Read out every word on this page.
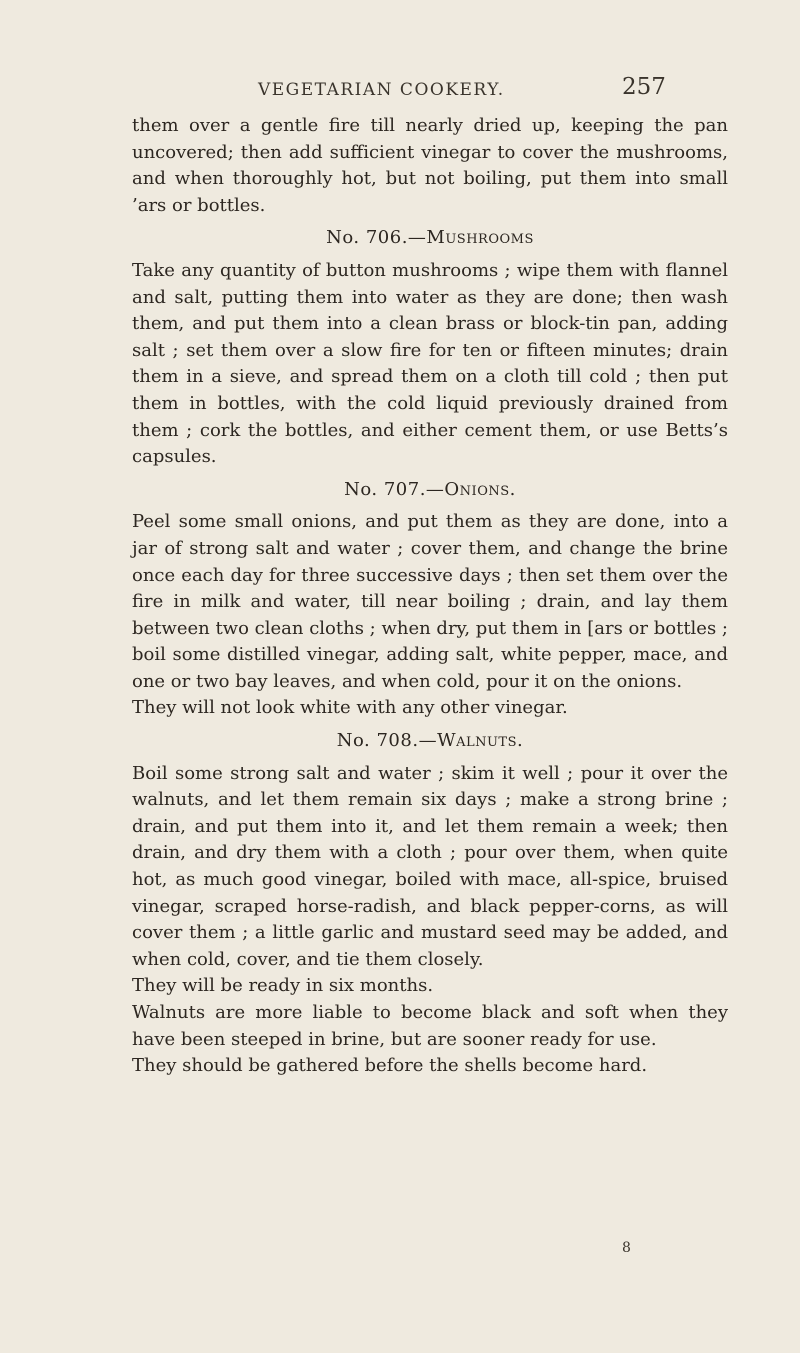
VEGETARIAN COOKERY.	257

them over a gentle fire till nearly dried up, keeping the pan uncovered; then add sufficient vinegar to cover the mushrooms, and when thoroughly hot, but not boiling, put them into small ’ars or bottles.

No. 706.—Mushrooms

Take any quantity of button mushrooms ; wipe them with flannel and salt, putting them into water as they are done; then wash them, and put them into a clean brass or block-tin pan, adding salt ; set them over a slow fire for ten or fifteen minutes; drain them in a sieve, and spread them on a cloth till cold ; then put them in bottles, with the cold liquid previously drained from them ; cork the bottles, and either cement them, or use Betts’s capsules.

No. 707.—Onions.

Peel some small onions, and put them as they are done, into a jar of strong salt and water ; cover them, and change the brine once each day for three successive days ; then set them over the fire in milk and water, till near boiling ; drain, and lay them between two clean cloths ; when dry, put them in [ars or bottles ; boil some distilled vinegar, adding salt, white pepper, mace, and one or two bay leaves, and when cold, pour it on the onions.

They will not look white with any other vinegar.

No. 708.—Walnuts.

Boil some strong salt and water ; skim it well ; pour it over the walnuts, and let them remain six days ; make a strong brine ; drain, and put them into it, and let them remain a week; then drain, and dry them with a cloth ; pour over them, when quite hot, as much good vinegar, boiled with mace, all-spice, bruised vinegar, scraped horse-radish, and black pepper-corns, as will cover them ; a little garlic and mustard seed may be added, and when cold, cover, and tie them closely.

They will be ready in six months.

Walnuts are more liable to become black and soft when they have been steeped in brine, but are sooner ready for use.

They should be gathered before the shells become hard.

8
